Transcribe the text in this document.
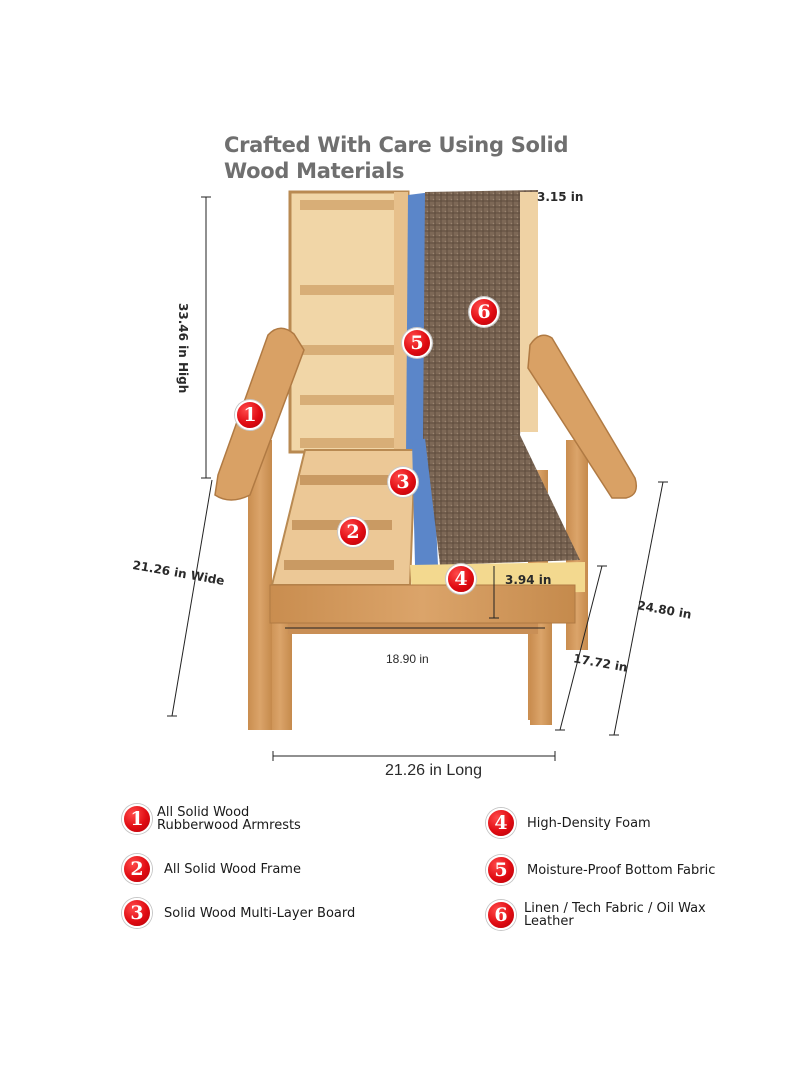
Crafted With Care Using Solid Wood Materials
3.15 in
33.46 in High
21.26 in Wide	3.94 in
18.90 in	17.72 in
24.80 in
21.26 in Long
1
2
3
4
5
6
1	All Solid Wood Rubberwood Armrests
2	All Solid Wood Frame
3	Solid Wood Multi-Layer Board
4	High-Density Foam
5	Moisture-Proof Bottom Fabric
6	Linen / Tech Fabric / Oil Wax Leather
